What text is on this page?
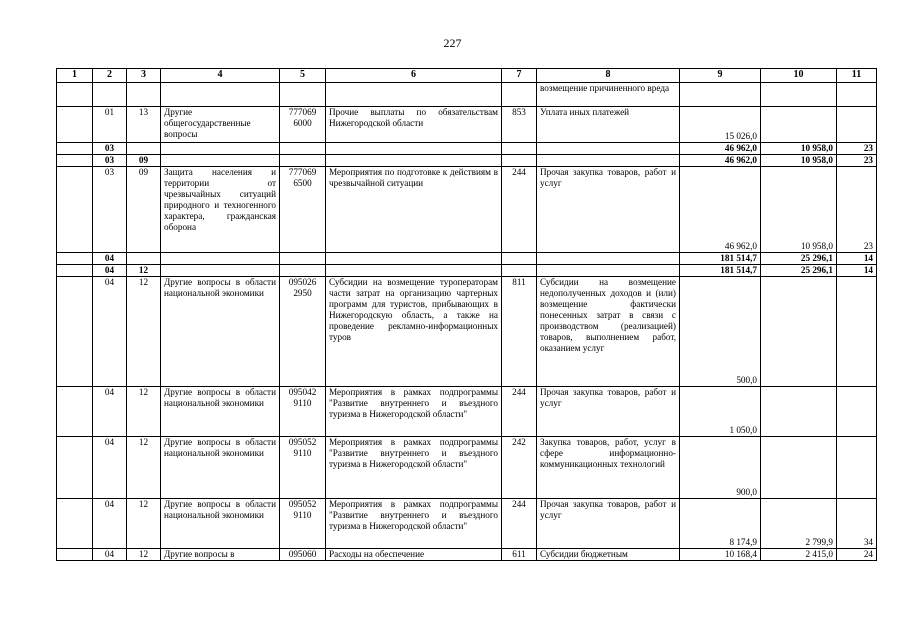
227
1	2	3	4	5	6	7	8	9	10	11
							возмещение причиненного вреда			
	01	13	Другие общегосударственные вопросы	777069 6000	Прочие выплаты по обязательствам Нижегородской области	853	Уплата иных платежей	15 026,0		
	03							46 962,0	10 958,0	23
	03	09						46 962,0	10 958,0	23
	03	09	Защита населения и территории от чрезвычайных ситуаций природного и техногенного характера, гражданская оборона	777069 6500	Мероприятия по подготовке к действиям в чрезвычайной ситуации	244	Прочая закупка товаров, работ и услуг	46 962,0	10 958,0	23
	04							181 514,7	25 296,1	14
	04	12						181 514,7	25 296,1	14
	04	12	Другие вопросы в области национальной экономики	095026 2950	Субсидии на возмещение туроператорам части затрат на организацию чартерных программ для туристов, прибывающих в Нижегородскую область, а также на проведение рекламно-информационных туров	811	Субсидии на возмещение недополученных доходов и (или) возмещение фактически понесенных затрат в связи с производством (реализацией) товаров, выполнением работ, оказанием услуг	500,0		
	04	12	Другие вопросы в области национальной экономики	095042 9110	Мероприятия в рамках подпрограммы "Развитие внутреннего и въездного туризма в Нижегородской области"	244	Прочая закупка товаров, работ и услуг	1 050,0		
	04	12	Другие вопросы в области национальной экономики	095052 9110	Мероприятия в рамках подпрограммы "Развитие внутреннего и въездного туризма в Нижегородской области"	242	Закупка товаров, работ, услуг в сфере информационно-коммуникационных технологий	900,0		
	04	12	Другие вопросы в области национальной экономики	095052 9110	Мероприятия в рамках подпрограммы "Развитие внутреннего и въездного туризма в Нижегородской области"	244	Прочая закупка товаров, работ и услуг	8 174,9	2 799,9	34
	04	12	Другие вопросы в	095060	Расходы на обеспечение	611	Субсидии бюджетным	10 168,4	2 415,0	24
